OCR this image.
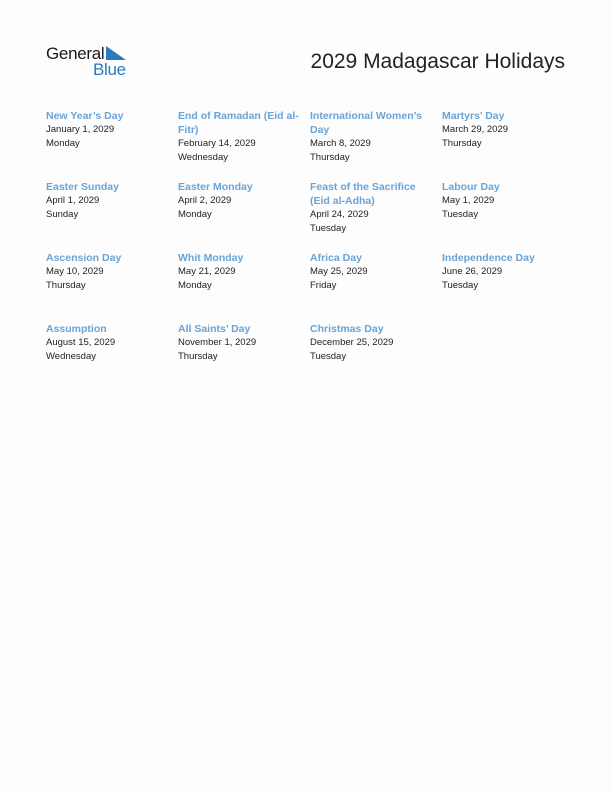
General
Blue	2029 Madagascar Holidays
New Year’s Day
January 1, 2029
Monday
End of Ramadan (Eid al-Fitr)
February 14, 2029
Wednesday
International Women’s Day
March 8, 2029
Thursday
Martyrs’ Day
March 29, 2029
Thursday
Easter Sunday
April 1, 2029
Sunday
Easter Monday
April 2, 2029
Monday
Feast of the Sacrifice (Eid al-Adha)
April 24, 2029
Tuesday
Labour Day
May 1, 2029
Tuesday
Ascension Day
May 10, 2029
Thursday
Whit Monday
May 21, 2029
Monday
Africa Day
May 25, 2029
Friday
Independence Day
June 26, 2029
Tuesday
Assumption
August 15, 2029
Wednesday
All Saints’ Day
November 1, 2029
Thursday
Christmas Day
December 25, 2029
Tuesday
